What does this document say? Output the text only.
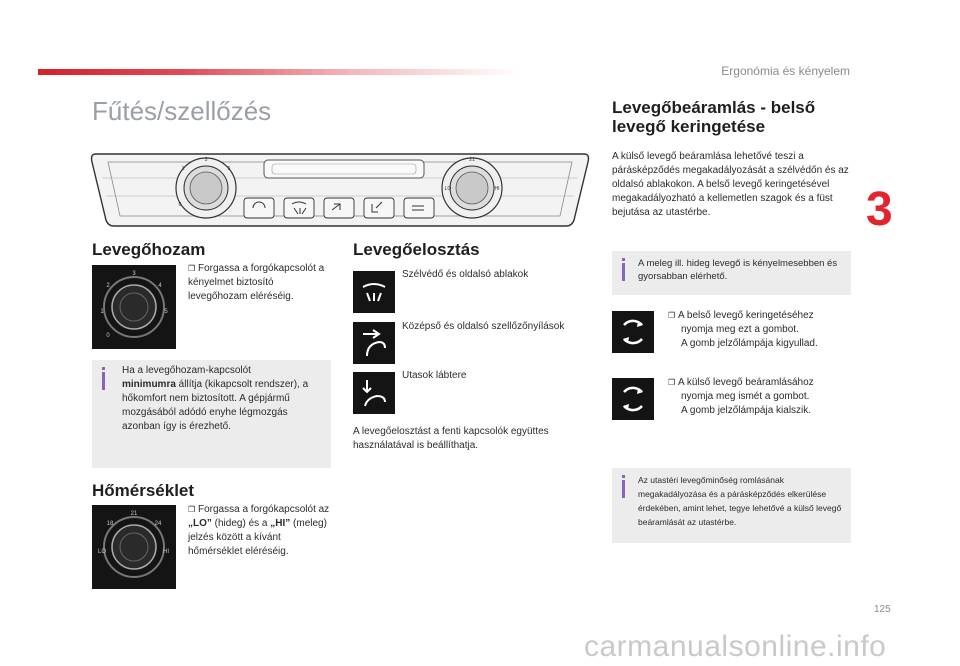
Ergonómia és kényelem
3
Fűtés/szellőzés
3
1	5
0
21
LO	HI
Levegőhozam
3
2	4
1	5
0
❒ Forgassa a forgókapcsolót a kényelmet biztosító levegőhozam eléréséig.
Ha a levegőhozam-kapcsolót
minimumra állítja (kikapcsolt rendszer), a hőkomfort nem biztosított. A gépjármű mozgásából adódó enyhe légmozgás azonban így is érezhető.
Hőmérséklet
21
18	24
LO	HI
❒ Forgassa a forgókapcsolót az „LO” (hideg) és a „HI” (meleg) jelzés között a kívánt hőmérséklet eléréséig.
Levegőelosztás
Szélvédő és oldalsó ablakok
Középső és oldalsó szellőzőnyílások
Utasok lábtere
A levegőelosztást a fenti kapcsolók együttes használatával is beállíthatja.
Levegőbeáramlás - belső
levegő keringetése
A külső levegő beáramlása lehetővé teszi a párásképződés megakadályozását a szélvédőn és az oldalsó ablakokon. A belső levegő keringetésével megakadályozható a kellemetlen szagok és a füst bejutása az utastérbe.
A meleg ill. hideg levegő is kényelmesebben és gyorsabban elérhető.
❒ A belső levegő keringetéséhez
nyomja meg ezt a gombot.
A gomb jelzőlámpája kigyullad.
❒ A külső levegő beáramlásához
nyomja meg ismét a gombot.
A gomb jelzőlámpája kialszik.
Az utastéri levegőminőség romlásának megakadályozása és a párásképződés elkerülése érdekében, amint lehet, tegye lehetővé a külső levegő beáramlását az utastérbe.
125
carmanualsonline.info
